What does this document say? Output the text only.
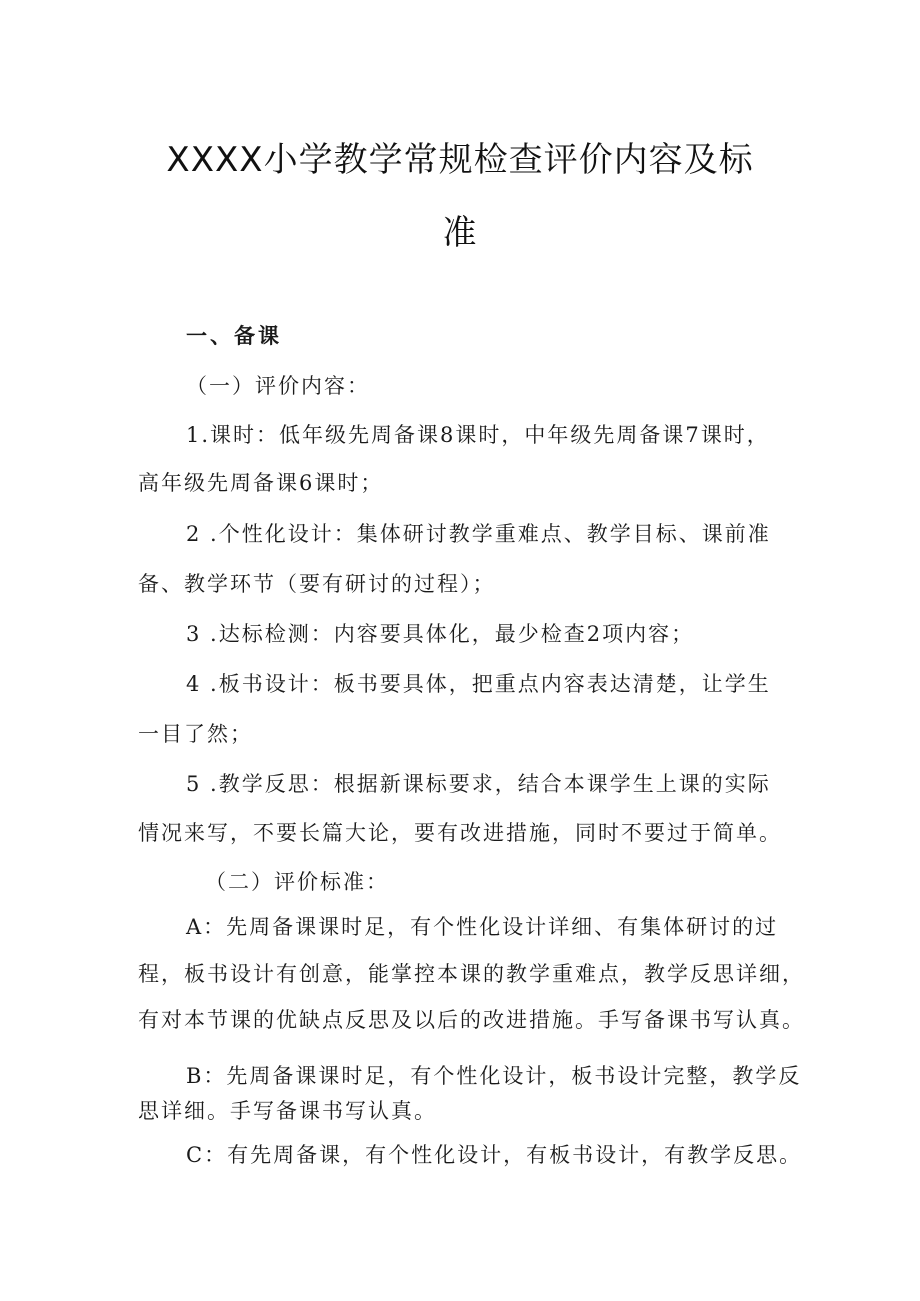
XXXX小学教学常规检查评价内容及标
准
一、备课
（一）评价内容：
1.课时：低年级先周备课8课时，中年级先周备课7课时，
高年级先周备课6课时；
2 .个性化设计：集体研讨教学重难点、教学目标、课前准
备、教学环节（要有研讨的过程）；
3 .达标检测：内容要具体化，最少检查2项内容；
4 .板书设计：板书要具体，把重点内容表达清楚，让学生
一目了然；
5 .教学反思：根据新课标要求，结合本课学生上课的实际
情况来写，不要长篇大论，要有改进措施，同时不要过于简单。
（二）评价标准：
A：先周备课课时足，有个性化设计详细、有集体研讨的过
程，板书设计有创意，能掌控本课的教学重难点，教学反思详细，
有对本节课的优缺点反思及以后的改进措施。手写备课书写认真。
B：先周备课课时足，有个性化设计，板书设计完整，教学反
思详细。手写备课书写认真。
C：有先周备课，有个性化设计，有板书设计，有教学反思。
